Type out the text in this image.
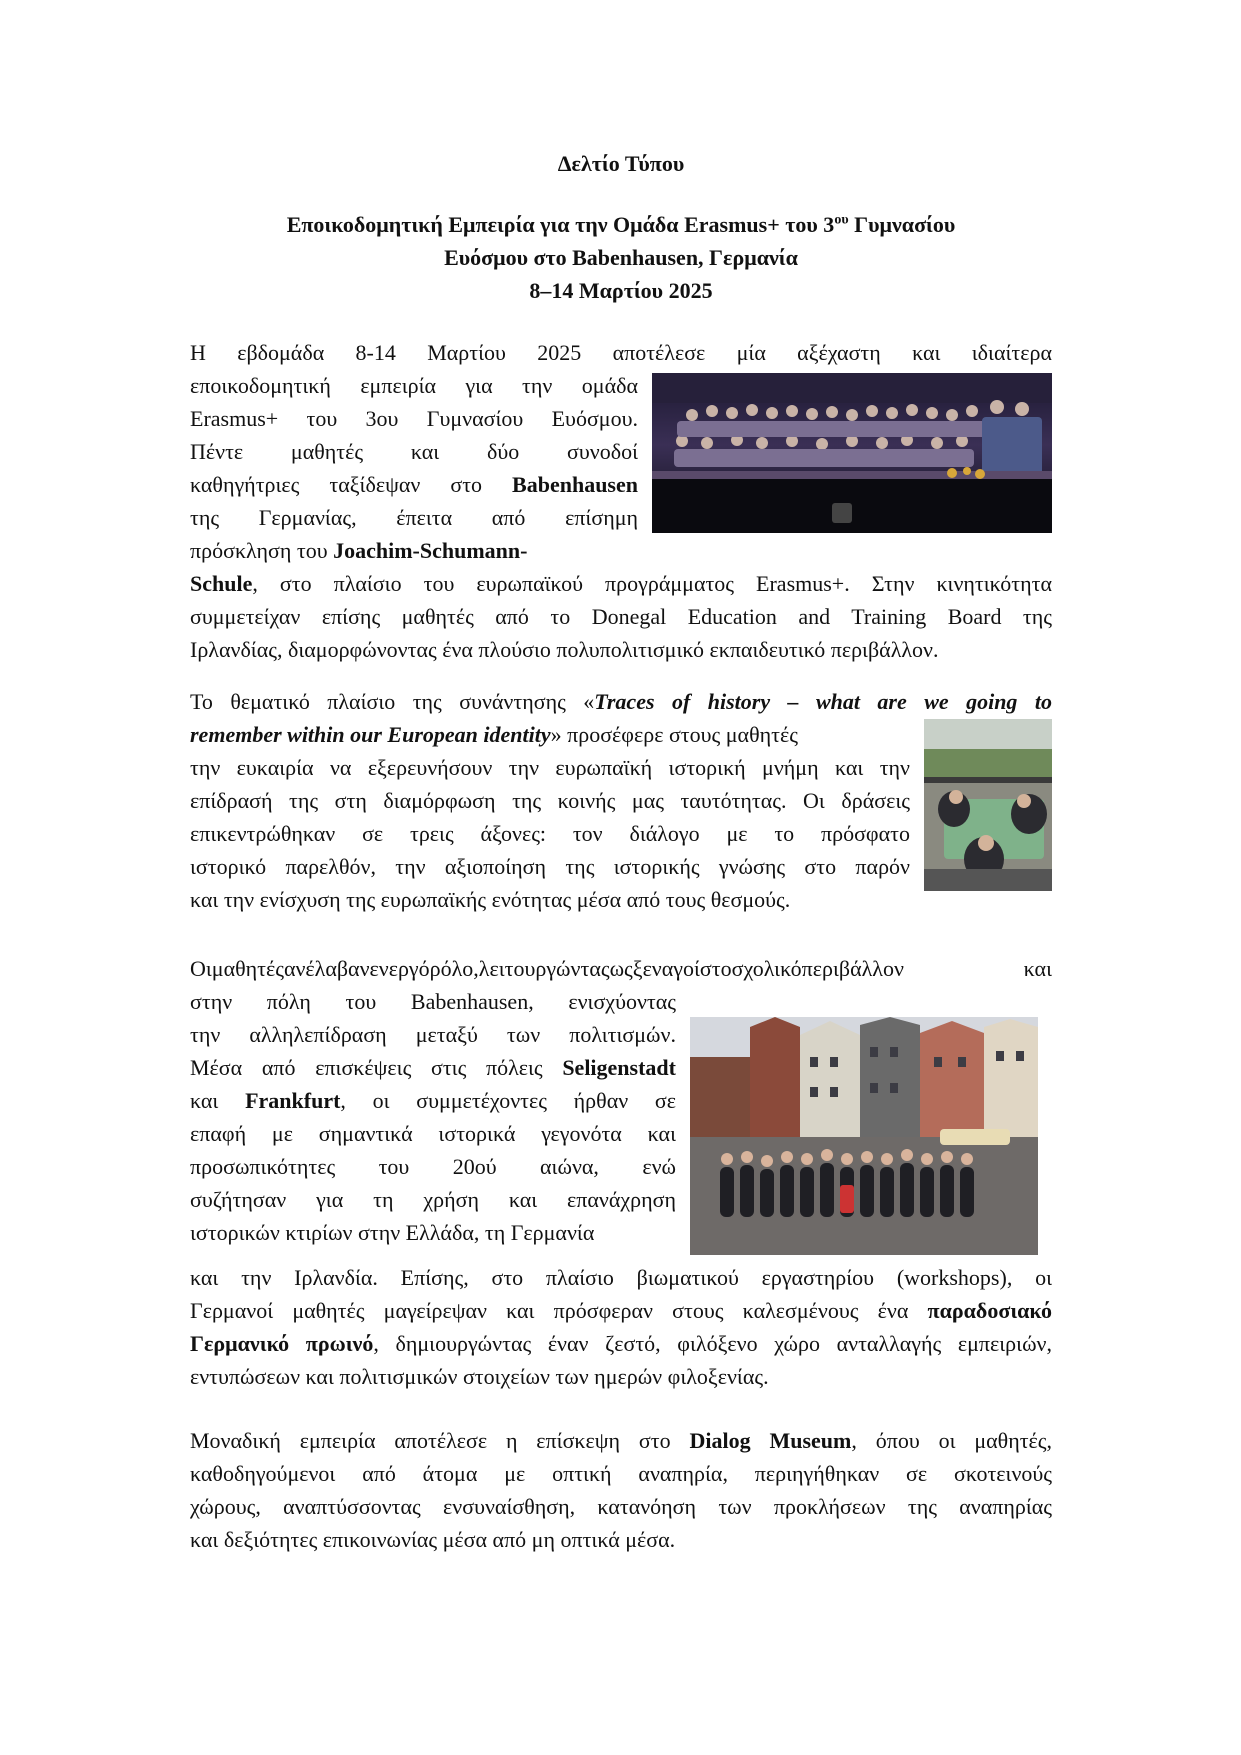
Δελτίο Τύπου

Εποικοδομητική Εμπειρία για την Ομάδα Erasmus+ του $3^{o\upsilon}$ Γυμνασίου
Ευόσμου στο Babenhausen, Γερμανία
8–14 Μαρτίου 2025
Η εβδομάδα 8-14 Μαρτίου 2025 αποτέλεσε μία αξέχαστη και ιδιαίτερα
εποικοδομητική εμπειρία για την ομάδα
Erasmus+ του 3ου Γυμνασίου Ευόσμου.
Πέντε μαθητές και δύο συνοδοί
καθηγήτριες ταξίδεψαν στο Babenhausen
της Γερμανίας, έπειτα από επίσημη
πρόσκληση του Joachim-Schumann-
Schule, στο πλαίσιο του ευρωπαϊκού προγράμματος Erasmus+. Στην κινητικότητα
συμμετείχαν επίσης μαθητές από το Donegal Education and Training Board της
Ιρλανδίας, διαμορφώνοντας ένα πλούσιο πολυπολιτισμικό εκπαιδευτικό περιβάλλον.
Το θεματικό πλαίσιο της συνάντησης «Traces of history – what are we going to
remember within our European identity» προσέφερε στους μαθητές
την ευκαιρία να εξερευνήσουν την ευρωπαϊκή ιστορική μνήμη και την
επίδρασή της στη διαμόρφωση της κοινής μας ταυτότητας. Οι δράσεις
επικεντρώθηκαν σε τρεις άξονες: τον διάλογο με το πρόσφατο
ιστορικό παρελθόν, την αξιοποίηση της ιστορικής γνώσης στο παρόν
και την ενίσχυση της ευρωπαϊκής ενότητας μέσα από τους θεσμούς.
Οιμαθητέςανέλαβανενεργόρόλο,λειτουργώνταςωςξεναγοίστοσχολικόπεριβάλλον και
στην πόλη του Babenhausen, ενισχύοντας
την αλληλεπίδραση μεταξύ των πολιτισμών.
Μέσα από επισκέψεις στις πόλεις Seligenstadt
και Frankfurt, οι συμμετέχοντες ήρθαν σε
επαφή με σημαντικά ιστορικά γεγονότα και
προσωπικότητες του 20ού αιώνα, ενώ
συζήτησαν για τη χρήση και επανάχρηση
ιστορικών κτιρίων στην Ελλάδα, τη Γερμανία
και την Ιρλανδία. Επίσης, στο πλαίσιο βιωματικού εργαστηρίου (workshops), οι
Γερμανοί μαθητές μαγείρεψαν και πρόσφεραν στους καλεσμένους ένα παραδοσιακό
Γερμανικό πρωινό, δημιουργώντας έναν ζεστό, φιλόξενο χώρο ανταλλαγής εμπειριών,
εντυπώσεων και πολιτισμικών στοιχείων των ημερών φιλοξενίας.
Μοναδική εμπειρία αποτέλεσε η επίσκεψη στο Dialog Museum, όπου οι μαθητές,
καθοδηγούμενοι από άτομα με οπτική αναπηρία, περιηγήθηκαν σε σκοτεινούς
χώρους, αναπτύσσοντας ενσυναίσθηση, κατανόηση των προκλήσεων της αναπηρίας
και δεξιότητες επικοινωνίας μέσα από μη οπτικά μέσα.
